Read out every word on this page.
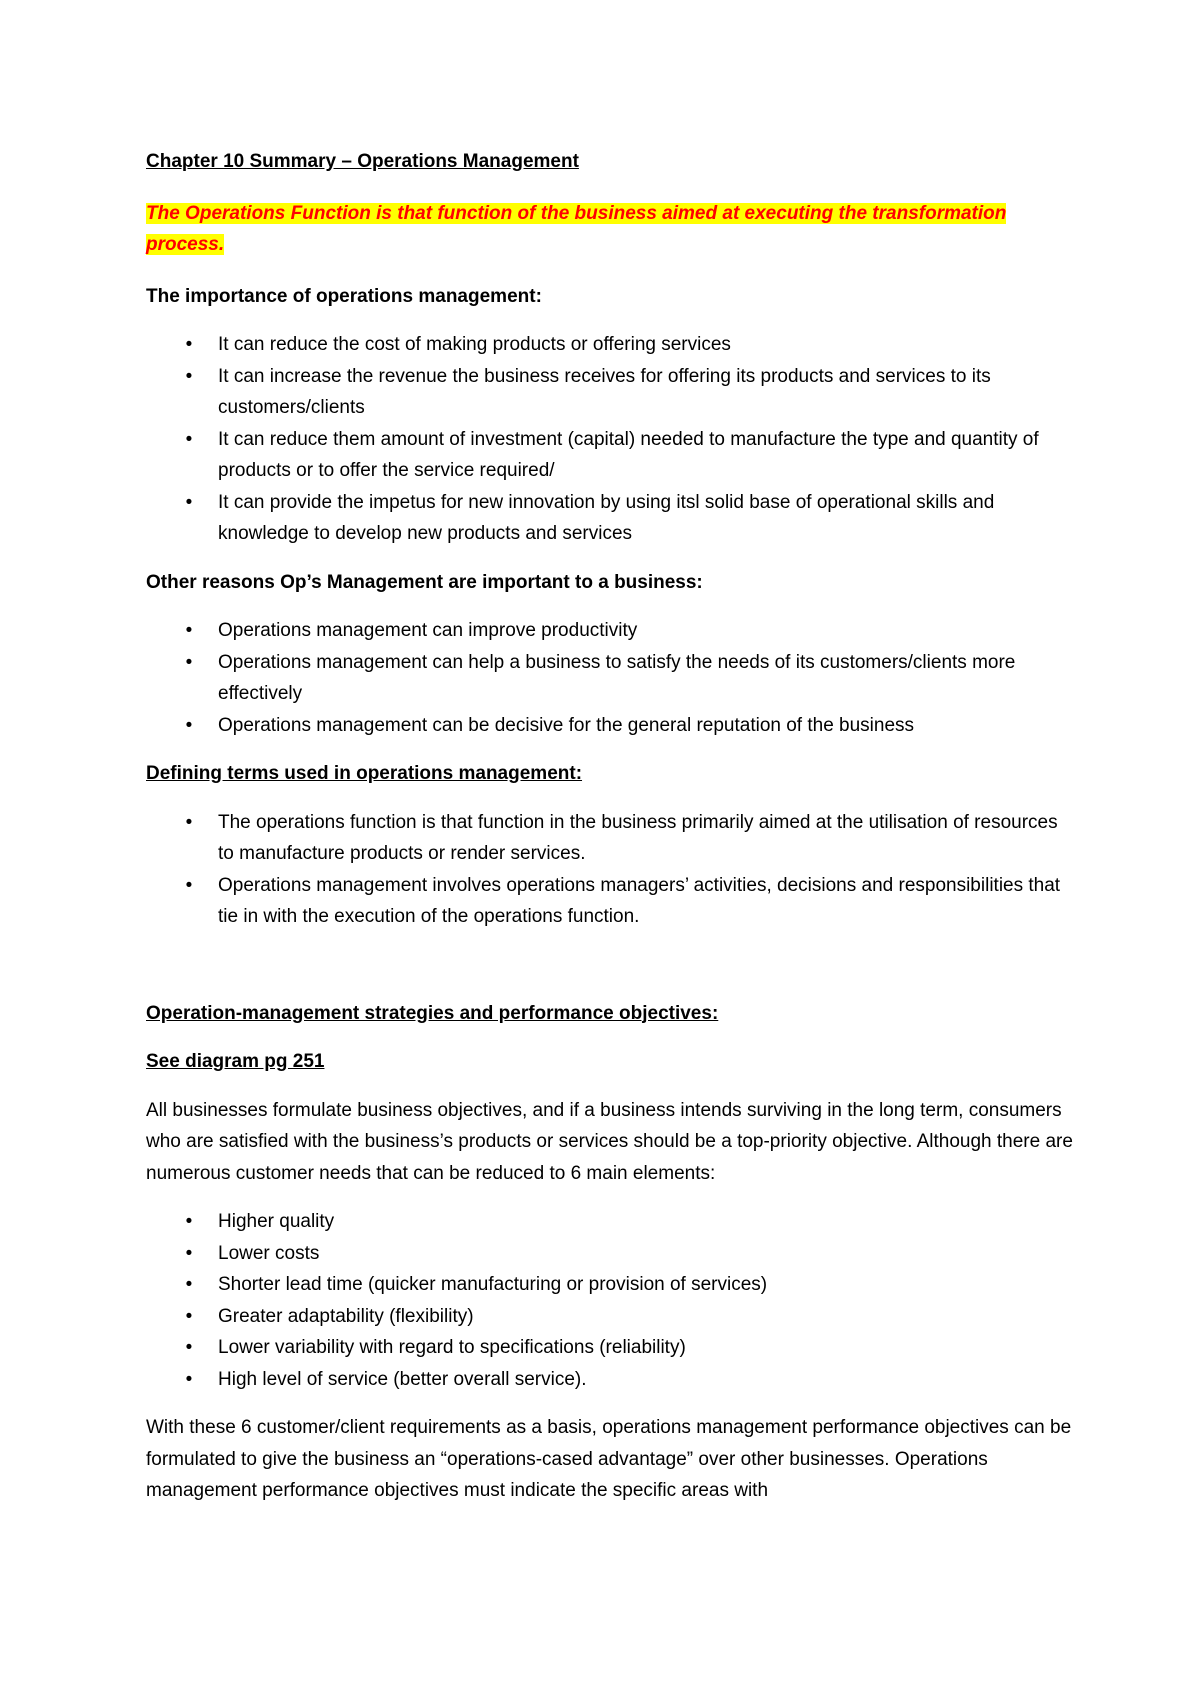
Chapter 10 Summary – Operations Management

The Operations Function is that function of the business aimed at executing the transformation process.

The importance of operations management:

• It can reduce the cost of making products or offering services
• It can increase the revenue the business receives for offering its products and services to its customers/clients
• It can reduce them amount of investment (capital) needed to manufacture the type and quantity of products or to offer the service required/
• It can provide the impetus for new innovation by using itsl solid base of operational skills and knowledge to develop new products and services

Other reasons Op’s Management are important to a business:

• Operations management can improve productivity
• Operations management can help a business to satisfy the needs of its customers/clients more effectively
• Operations management can be decisive for the general reputation of the business

Defining terms used in operations management:

• The operations function is that function in the business primarily aimed at the utilisation of resources to manufacture products or render services.
• Operations management involves operations managers’ activities, decisions and responsibilities that tie in with the execution of the operations function.

Operation-management strategies and performance objectives:

See diagram pg 251

All businesses formulate business objectives, and if a business intends surviving in the long term, consumers who are satisfied with the business’s products or services should be a top-priority objective. Although there are numerous customer needs that can be reduced to 6 main elements:

• Higher quality
• Lower costs
• Shorter lead time (quicker manufacturing or provision of services)
• Greater adaptability (flexibility)
• Lower variability with regard to specifications (reliability)
• High level of service (better overall service).

With these 6 customer/client requirements as a basis, operations management performance objectives can be formulated to give the business an “operations-cased advantage” over other businesses. Operations management performance objectives must indicate the specific areas with
